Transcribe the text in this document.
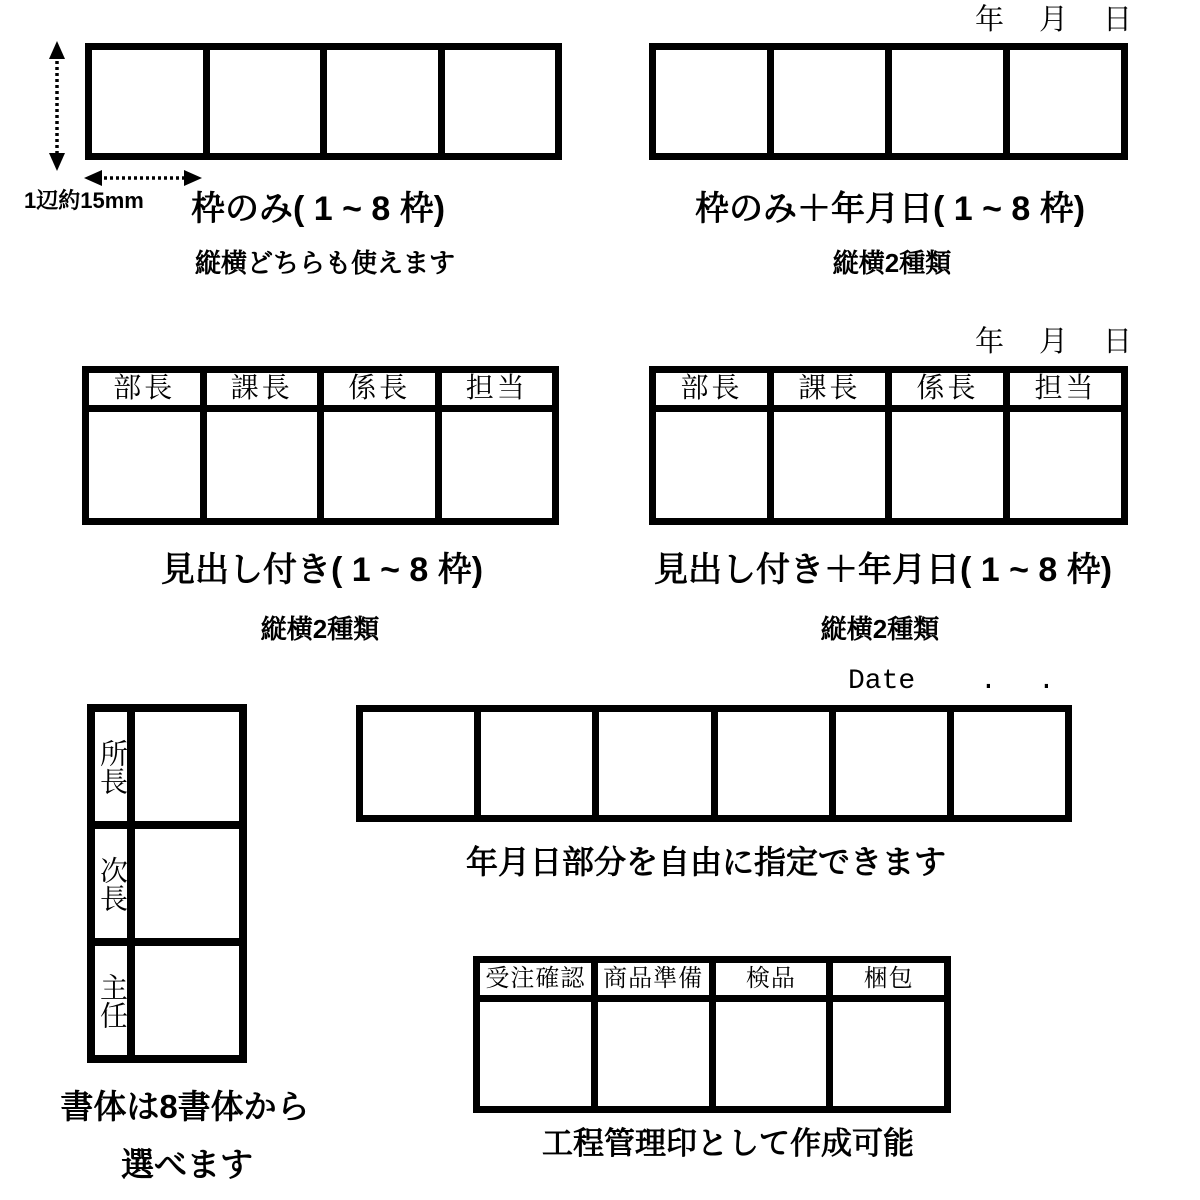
1辺約15mm 枠のみ( 1 ~ 8 枠)
縦横どちらも使えます
年 月 日
枠のみ＋年月日( 1 ~ 8 枠)
縦横2種類
部長	課長	係長	担当
見出し付き( 1 ~ 8 枠)
縦横2種類
年 月 日
部長	課長	係長	担当
見出し付き＋年月日( 1 ~ 8 枠)
縦横2種類
所長
次長
主任
書体は8書体から
選べます
Date . .
年月日部分を自由に指定できます
受注確認 商品準備	検品	梱包
工程管理印として作成可能
